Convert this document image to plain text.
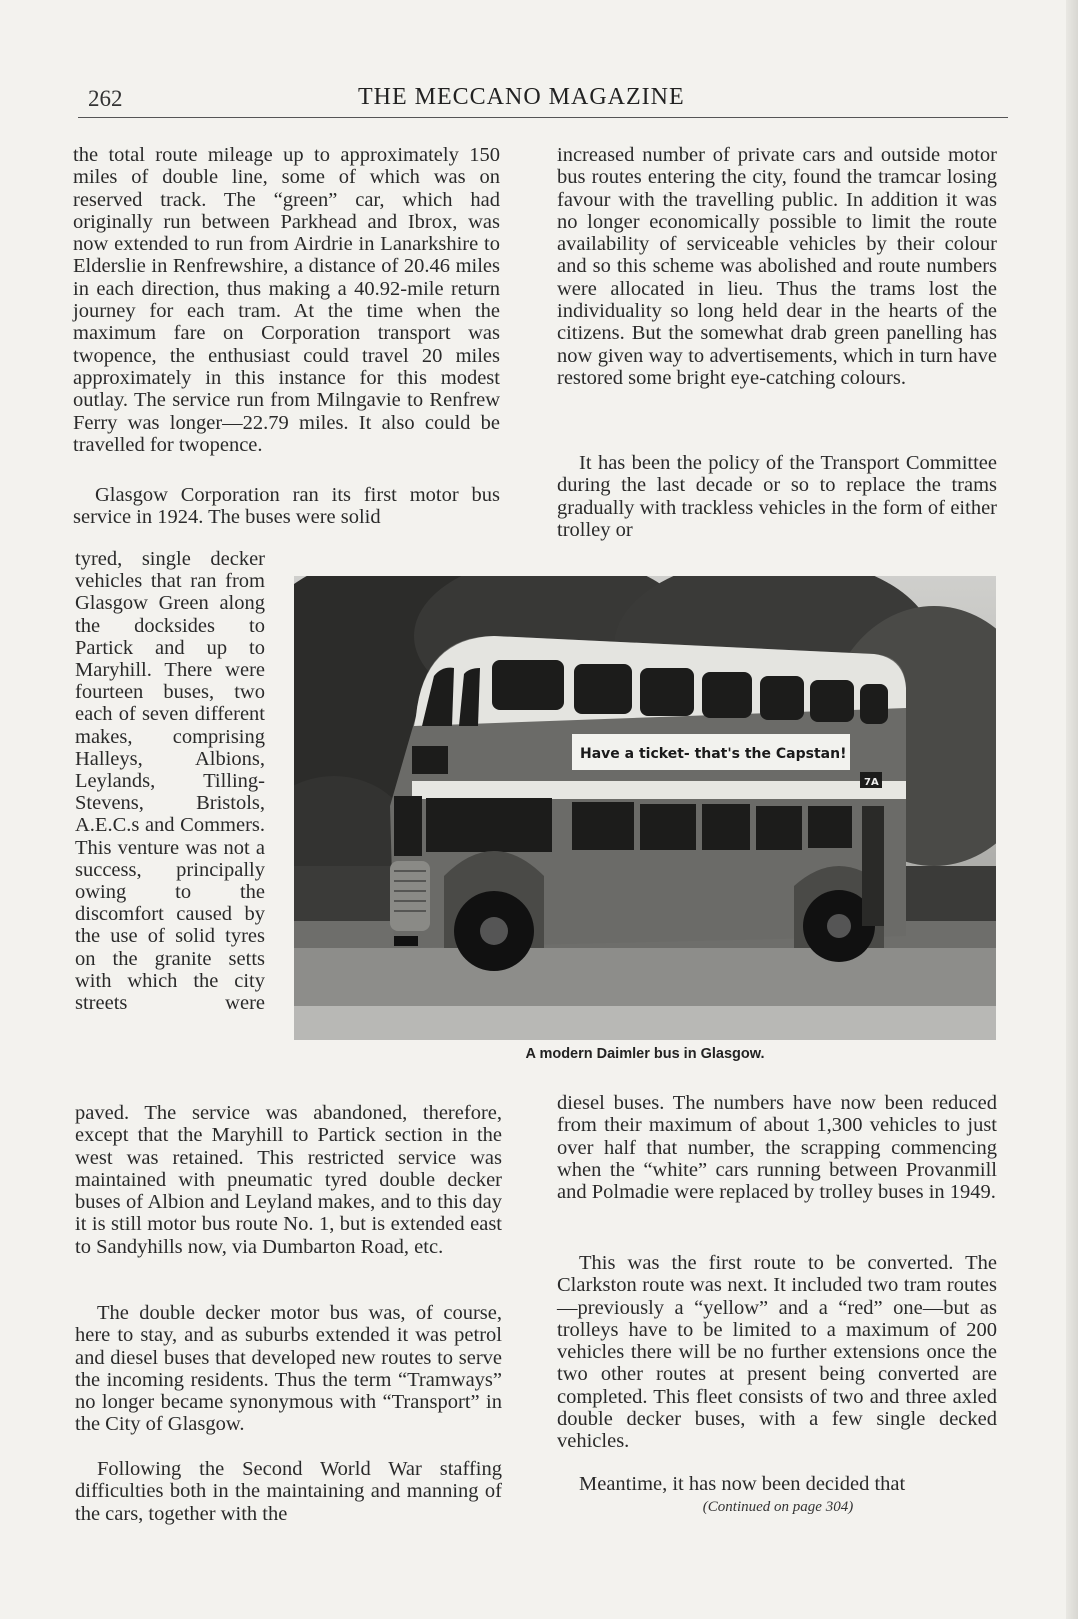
262	THE MECCANO MAGAZINE
the total route mileage up to approximately 150 miles of double line, some of which was on reserved track. The “green” car, which had originally run between Parkhead and Ibrox, was now extended to run from Airdrie in Lanarkshire to Elderslie in Renfrewshire, a distance of 20.46 miles in each direction, thus making a 40.92-mile return journey for each tram. At the time when the maximum fare on Corporation transport was twopence, the enthusiast could travel 20 miles approximately in this instance for this modest outlay. The service run from Milngavie to Renfrew Ferry was longer—22.79 miles. It also could be travelled for twopence.
Glasgow Corporation ran its first motor bus service in 1924. The buses were solid
tyred, single decker vehicles that ran from Glasgow Green along the docksides to Partick and up to Maryhill. There were fourteen buses, two each of seven different makes, comprising Halleys, Albions, Leylands, Tilling-Stevens, Bristols, A.E.C.s and Commers. This venture was not a success, principally owing to the discomfort caused by the use of solid tyres on the granite setts with which the city streets were
paved. The service was abandoned, therefore, except that the Maryhill to Partick section in the west was retained. This restricted service was maintained with pneumatic tyred double decker buses of Albion and Leyland makes, and to this day it is still motor bus route No. 1, but is extended east to Sandyhills now, via Dumbarton Road, etc.
The double decker motor bus was, of course, here to stay, and as suburbs extended it was petrol and diesel buses that developed new routes to serve the incoming residents. Thus the term “Tramways” no longer became synonymous with “Transport” in the City of Glasgow.
Following the Second World War staffing difficulties both in the maintaining and manning of the cars, together with the
increased number of private cars and outside motor bus routes entering the city, found the tramcar losing favour with the travelling public. In addition it was no longer economically possible to limit the route availability of serviceable vehicles by their colour and so this scheme was abolished and route numbers were allocated in lieu. Thus the trams lost the individuality so long held dear in the hearts of the citizens. But the somewhat drab green panelling has now given way to advertisements, which in turn have restored some bright eye-catching colours.
It has been the policy of the Transport Committee during the last decade or so to replace the trams gradually with trackless vehicles in the form of either trolley or
Have a ticket- that's the Capstan!
7A
A modern Daimler bus in Glasgow.
diesel buses. The numbers have now been reduced from their maximum of about 1,300 vehicles to just over half that number, the scrapping commencing when the “white” cars running between Provanmill and Polmadie were replaced by trolley buses in 1949.
This was the first route to be converted. The Clarkston route was next. It included two tram routes—previously a “yellow” and a “red” one—but as trolleys have to be limited to a maximum of 200 vehicles there will be no further extensions once the two other routes at present being converted are completed. This fleet consists of two and three axled double decker buses, with a few single decked vehicles.
Meantime, it has now been decided that
(Continued on page 304)
